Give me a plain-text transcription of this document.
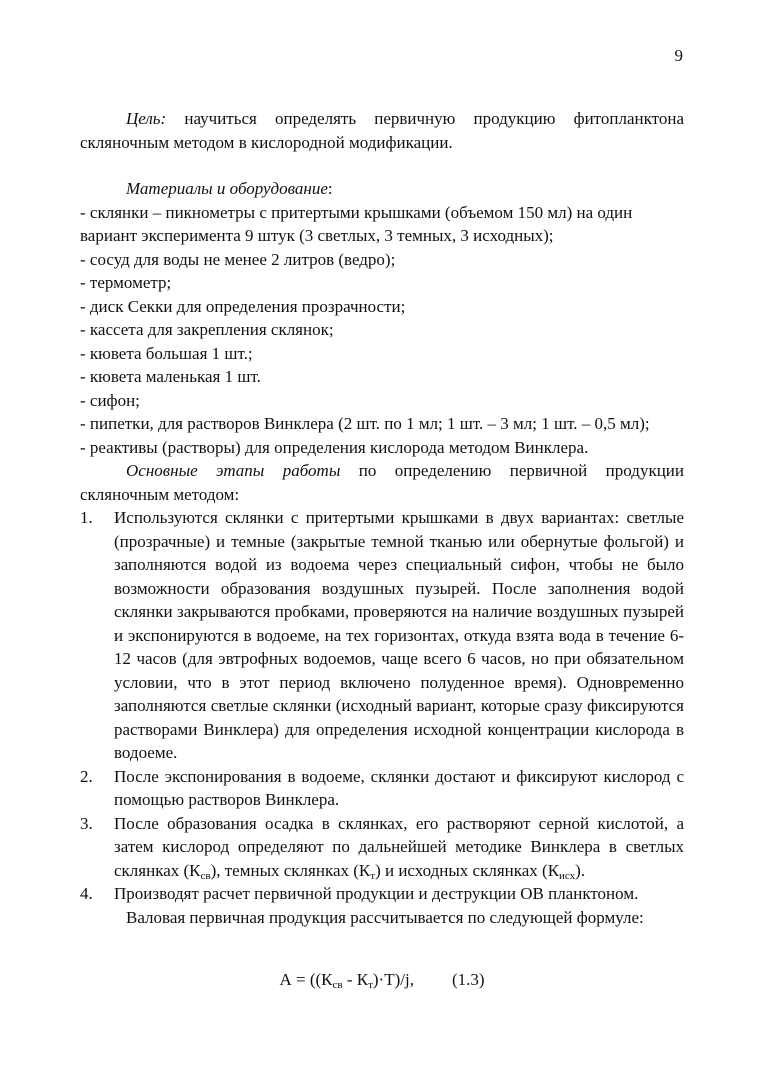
9

Цель: научиться определять первичную продукцию фитопланктона скляночным методом в кислородной модификации.

Материалы и оборудование:

- склянки – пикнометры с притертыми крышками (объемом 150 мл) на один вариант эксперимента 9 штук (3 светлых, 3 темных, 3 исходных);
- сосуд для воды не менее 2 литров (ведро);
- термометр;
- диск Секки для определения прозрачности;
- кассета для закрепления склянок;
- кювета большая 1 шт.;
- кювета маленькая 1 шт.
- сифон;
- пипетки, для растворов Винклера (2 шт. по 1 мл; 1 шт. – 3 мл; 1 шт. – 0,5 мл);
- реактивы (растворы) для определения кислорода методом Винклера.

Основные этапы работы по определению первичной продукции скляночным методом:

1. Используются склянки с притертыми крышками в двух вариантах: светлые (прозрачные) и темные (закрытые темной тканью или обернутые фольгой) и заполняются водой из водоема через специальный сифон, чтобы не было возможности образования воздушных пузырей. После заполнения водой склянки закрываются пробками, проверяются на наличие воздушных пузырей и экспонируются в водоеме, на тех горизонтах, откуда взята вода в течение 6-12 часов (для эвтрофных водоемов, чаще всего 6 часов, но при обязательном условии, что в этот период включено полуденное время). Одновременно заполняются светлые склянки (исходный вариант, которые сразу фиксируются растворами Винклера) для определения исходной концентрации кислорода в водоеме.
2. После экспонирования в водоеме, склянки достают и фиксируют кислород с помощью растворов Винклера.
3. После образования осадка в склянках, его растворяют серной кислотой, а затем кислород определяют по дальнейшей методике Винклера в светлых склянках $(К_{св})$, темных склянках $(К_т)$ и исходных склянках $(К_{исх})$.
4. Производят расчет первичной продукции и деструкции ОВ планктоном.

Валовая первичная продукция рассчитывается по следующей формуле:

$А = ((К_{св} - К_т)\cdot Т)/j$, (1.3)
